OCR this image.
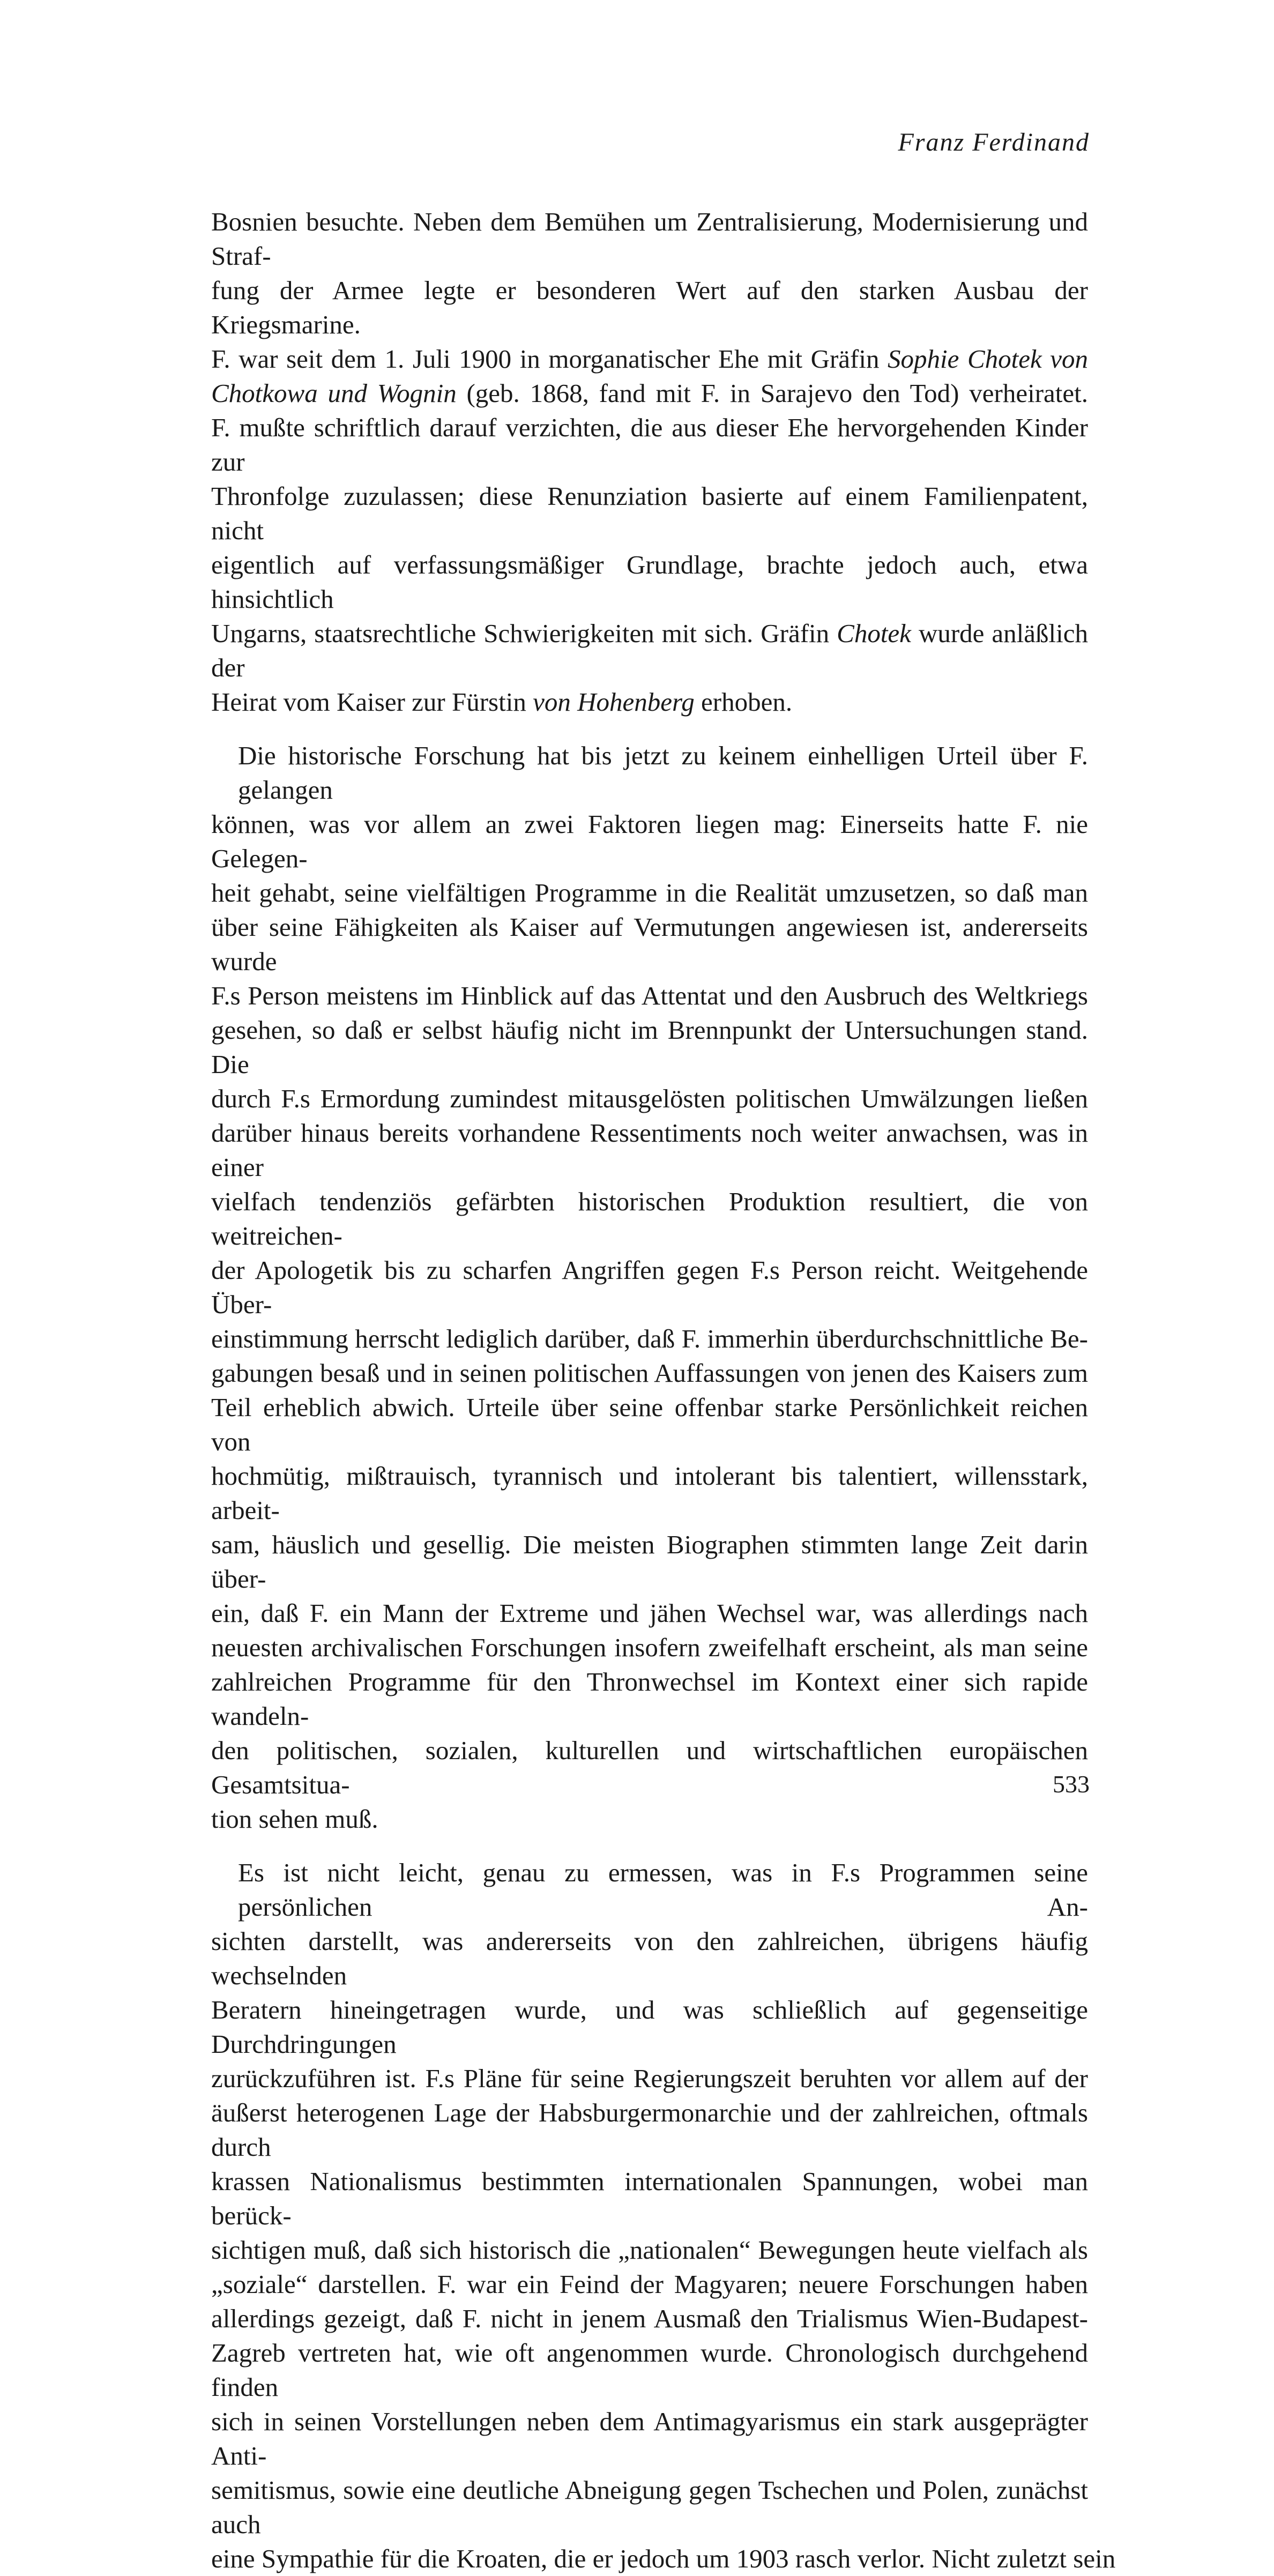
Franz Ferdinand
Bosnien besuchte. Neben dem Bemühen um Zentralisierung, Modernisierung und Straf-
fung der Armee legte er besonderen Wert auf den starken Ausbau der Kriegsmarine.
F. war seit dem 1. Juli 1900 in morganatischer Ehe mit Gräfin Sophie Chotek von
Chotkowa und Wognin (geb. 1868, fand mit F. in Sarajevo den Tod) verheiratet.
F. mußte schriftlich darauf verzichten, die aus dieser Ehe hervorgehenden Kinder zur
Thronfolge zuzulassen; diese Renunziation basierte auf einem Familienpatent, nicht
eigentlich auf verfassungsmäßiger Grundlage, brachte jedoch auch, etwa hinsichtlich
Ungarns, staatsrechtliche Schwierigkeiten mit sich. Gräfin Chotek wurde anläßlich der
Heirat vom Kaiser zur Fürstin von Hohenberg erhoben.
Die historische Forschung hat bis jetzt zu keinem einhelligen Urteil über F. gelangen
können, was vor allem an zwei Faktoren liegen mag: Einerseits hatte F. nie Gelegen-
heit gehabt, seine vielfältigen Programme in die Realität umzusetzen, so daß man
über seine Fähigkeiten als Kaiser auf Vermutungen angewiesen ist, andererseits wurde
F.s Person meistens im Hinblick auf das Attentat und den Ausbruch des Weltkriegs
gesehen, so daß er selbst häufig nicht im Brennpunkt der Untersuchungen stand. Die
durch F.s Ermordung zumindest mitausgelösten politischen Umwälzungen ließen
darüber hinaus bereits vorhandene Ressentiments noch weiter anwachsen, was in einer
vielfach tendenziös gefärbten historischen Produktion resultiert, die von weitreichen-
der Apologetik bis zu scharfen Angriffen gegen F.s Person reicht. Weitgehende Über-
einstimmung herrscht lediglich darüber, daß F. immerhin überdurchschnittliche Be-
gabungen besaß und in seinen politischen Auffassungen von jenen des Kaisers zum
Teil erheblich abwich. Urteile über seine offenbar starke Persönlichkeit reichen von
hochmütig, mißtrauisch, tyrannisch und intolerant bis talentiert, willensstark, arbeit-
sam, häuslich und gesellig. Die meisten Biographen stimmten lange Zeit darin über-
ein, daß F. ein Mann der Extreme und jähen Wechsel war, was allerdings nach
neuesten archivalischen Forschungen insofern zweifelhaft erscheint, als man seine
zahlreichen Programme für den Thronwechsel im Kontext einer sich rapide wandeln-
den politischen, sozialen, kulturellen und wirtschaftlichen europäischen Gesamtsitua-
tion sehen muß.
Es ist nicht leicht, genau zu ermessen, was in F.s Programmen seine persönlichen An-
sichten darstellt, was andererseits von den zahlreichen, übrigens häufig wechselnden
Beratern hineingetragen wurde, und was schließlich auf gegenseitige Durchdringungen
zurückzuführen ist. F.s Pläne für seine Regierungszeit beruhten vor allem auf der
äußerst heterogenen Lage der Habsburgermonarchie und der zahlreichen, oftmals durch
krassen Nationalismus bestimmten internationalen Spannungen, wobei man berück-
sichtigen muß, daß sich historisch die „nationalen“ Bewegungen heute vielfach als
„soziale“ darstellen. F. war ein Feind der Magyaren; neuere Forschungen haben
allerdings gezeigt, daß F. nicht in jenem Ausmaß den Trialismus Wien-Budapest-
Zagreb vertreten hat, wie oft angenommen wurde. Chronologisch durchgehend finden
sich in seinen Vorstellungen neben dem Antimagyarismus ein stark ausgeprägter Anti-
semitismus, sowie eine deutliche Abneigung gegen Tschechen und Polen, zunächst auch
eine Sympathie für die Kroaten, die er jedoch um 1903 rasch verlor. Nicht zuletzt sein
533
